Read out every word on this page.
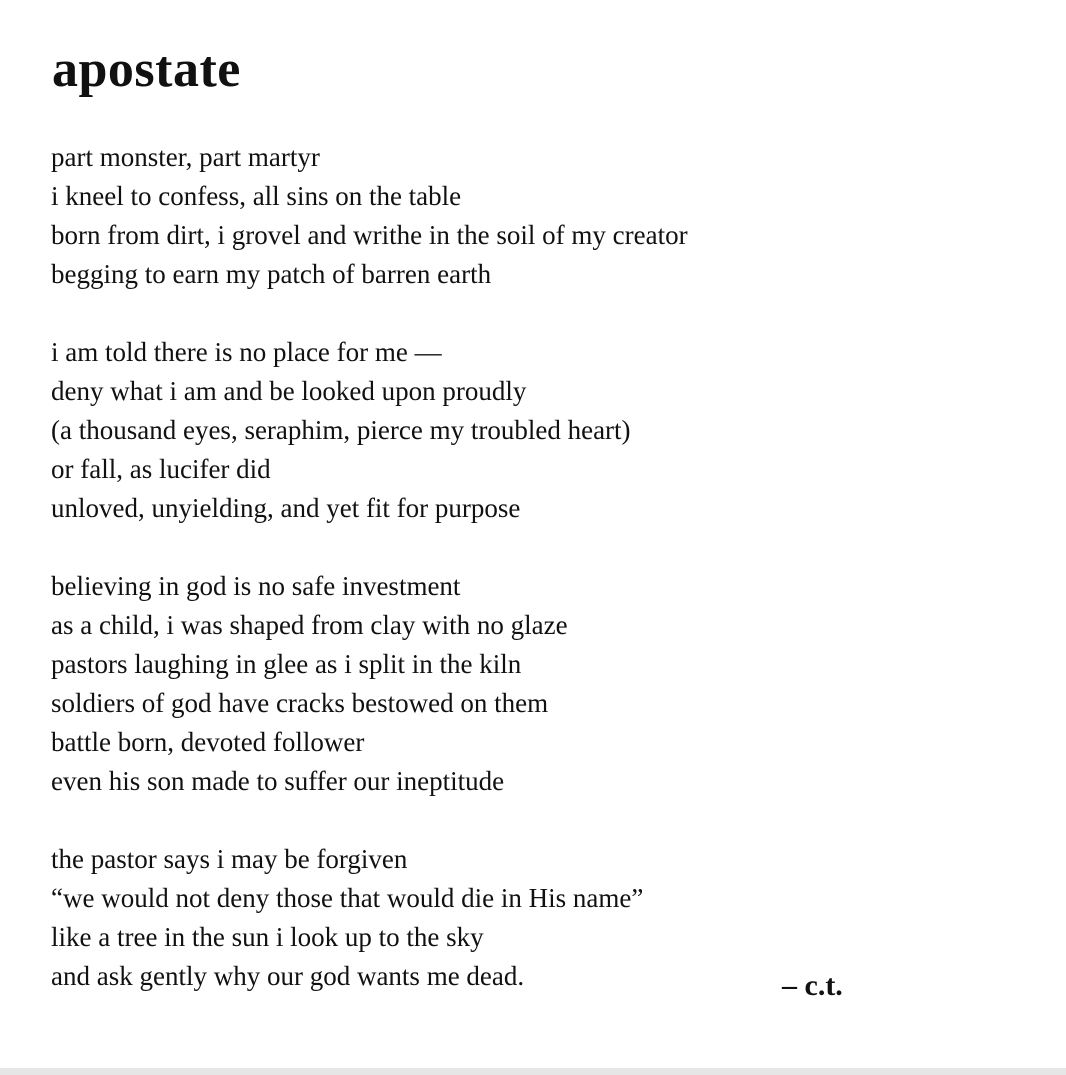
apostate
part monster, part martyr
i kneel to confess, all sins on the table
born from dirt, i grovel and writhe in the soil of my creator
begging to earn my patch of barren earth
i am told there is no place for me —
deny what i am and be looked upon proudly
(a thousand eyes, seraphim, pierce my troubled heart)
or fall, as lucifer did
unloved, unyielding, and yet fit for purpose
believing in god is no safe investment
as a child, i was shaped from clay with no glaze
pastors laughing in glee as i split in the kiln
soldiers of god have cracks bestowed on them
battle born, devoted follower
even his son made to suffer our ineptitude
the pastor says i may be forgiven
“we would not deny those that would die in His name”
like a tree in the sun i look up to the sky
and ask gently why our god wants me dead.	– c.t.
